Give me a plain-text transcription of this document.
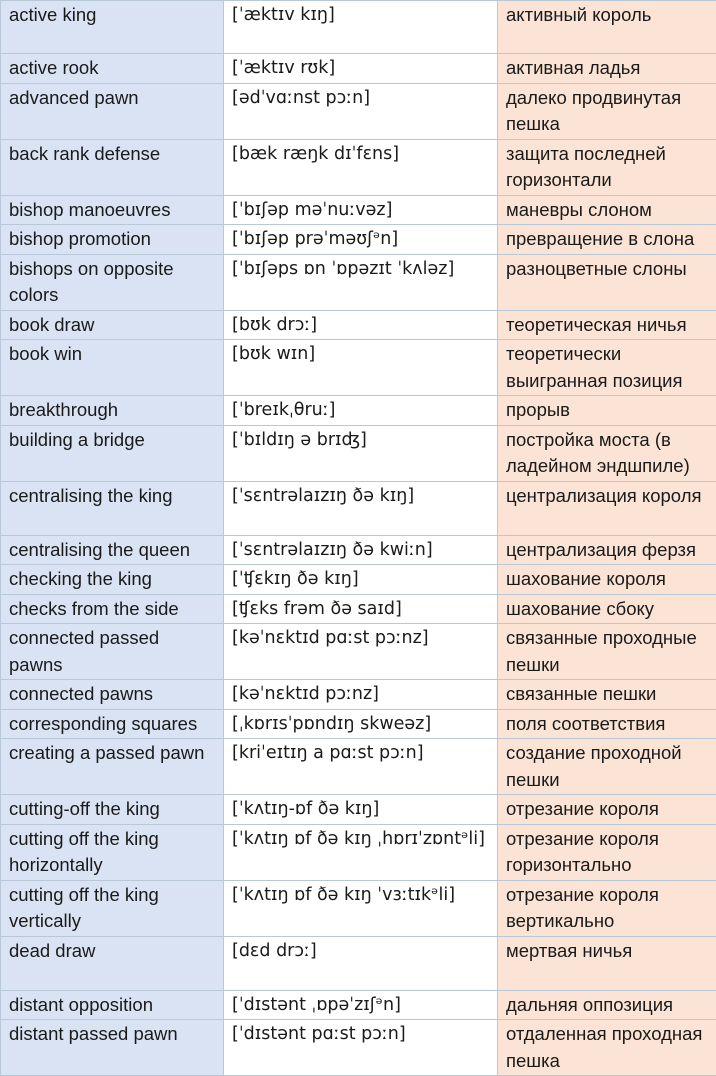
active king	[ˈæktɪv kɪŋ]	активный король
active rook	[ˈæktɪv rʊk]	активная ладья
advanced pawn	[ədˈvɑːnst pɔːn]	далеко продвинутая пешка
back rank defense	[bæk ræŋk dɪˈfɛns]	защита последней горизонтали
bishop manoeuvres	[ˈbɪʃəp məˈnuːvəz]	маневры слоном
bishop promotion	[ˈbɪʃəp prəˈməʊʃᵊn]	превращение в слона
bishops on opposite colors	[ˈbɪʃəps ɒn ˈɒpəzɪt ˈkʌləz]	разноцветные слоны
book draw	[bʊk drɔː]	теоретическая ничья
book win	[bʊk wɪn]	теоретически выигранная позиция
breakthrough	[ˈbreɪkˌθruː]	прорыв
building a bridge	[ˈbɪldɪŋ ə brɪʤ]	постройка моста (в ладейном эндшпиле)
centralising the king	[ˈsɛntrəlaɪzɪŋ ðə kɪŋ]	централизация короля
centralising the queen	[ˈsɛntrəlaɪzɪŋ ðə kwiːn]	централизация ферзя
checking the king	[ˈʧɛkɪŋ ðə kɪŋ]	шахование короля
checks from the side	[ʧɛks frəm ðə saɪd]	шахование сбоку
connected passed pawns	[kəˈnɛktɪd pɑːst pɔːnz]	связанные проходные пешки
connected pawns	[kəˈnɛktɪd pɔːnz]	связанные пешки
corresponding squares	[ˌkɒrɪsˈpɒndɪŋ skweəz]	поля соответствия
creating a passed pawn	[kriˈeɪtɪŋ a pɑːst pɔːn]	создание проходной пешки
cutting-off the king	[ˈkʌtɪŋ-ɒf ðə kɪŋ]	отрезание короля
cutting off the king horizontally	[ˈkʌtɪŋ ɒf ðə kɪŋ ˌhɒrɪˈzɒntᵊli]	отрезание короля горизонтально
cutting off the king vertically	[ˈkʌtɪŋ ɒf ðə kɪŋ ˈvɜːtɪkᵊli]	отрезание короля вертикально
dead draw	[dɛd drɔː]	мертвая ничья
distant opposition	[ˈdɪstənt ˌɒpəˈzɪʃᵊn]	дальняя оппозиция
distant passed pawn	[ˈdɪstənt pɑːst pɔːn]	отдаленная проходная пешка
